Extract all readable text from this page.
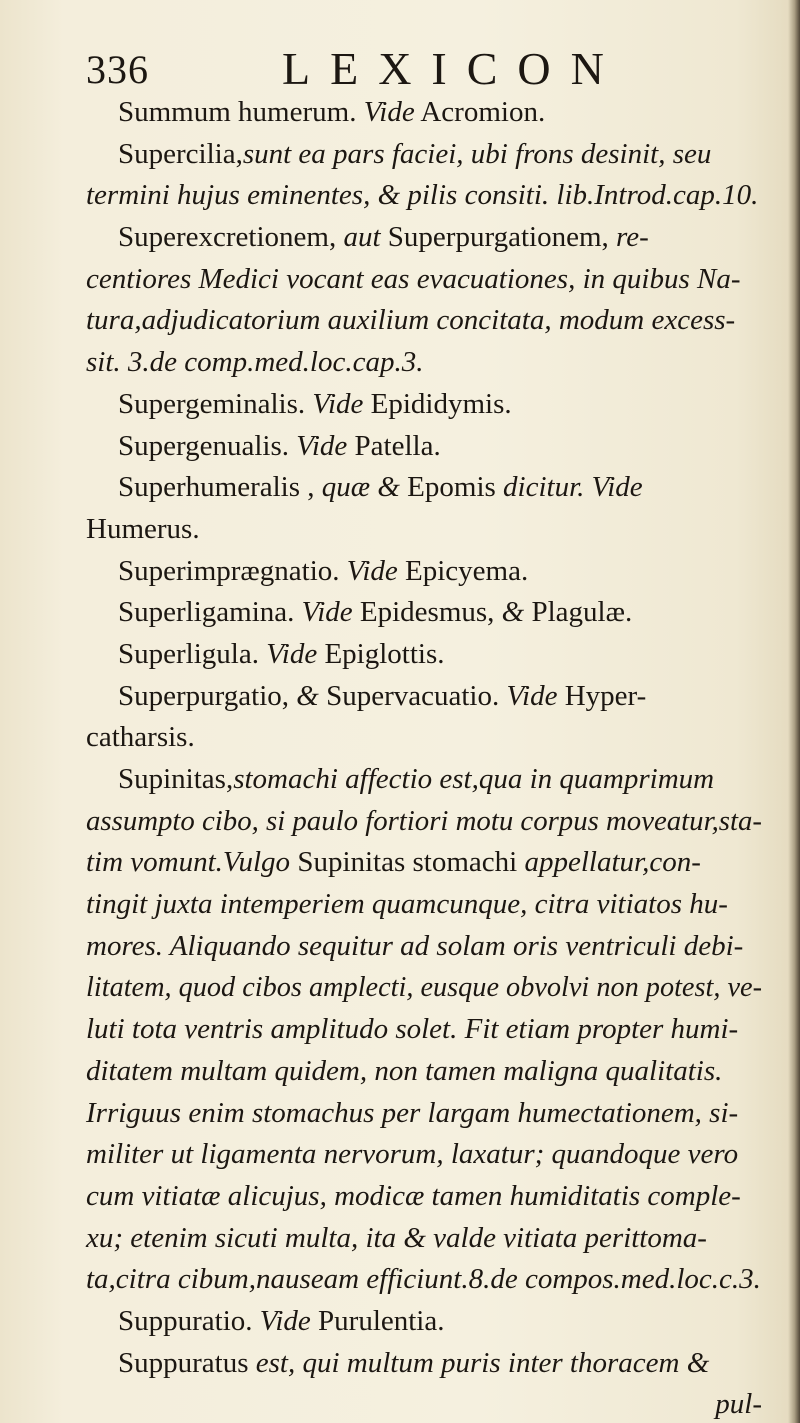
336	LEXICON
Summum humerum. Vide Acromion.
Supercilia,sunt ea pars faciei, ubi frons desinit, seu
termini hujus eminentes, & pilis consiti. lib.Introd.cap.10.
Superexcretionem, aut Superpurgationem, re-
centiores Medici vocant eas evacuationes, in quibus Na-
tura,adjudicatorium auxilium concitata, modum excess-
sit. 3.de comp.med.loc.cap.3.
Supergeminalis. Vide Epididymis.
Supergenualis. Vide Patella.
Superhumeralis , quæ & Epomis dicitur. Vide
Humerus.
Superimprægnatio. Vide Epicyema.
Superligamina. Vide Epidesmus, & Plagulæ.
Superligula. Vide Epiglottis.
Superpurgatio, & Supervacuatio. Vide Hyper-
catharsis.
Supinitas,stomachi affectio est,qua in quamprimum
assumpto cibo, si paulo fortiori motu corpus moveatur,sta-
tim vomunt.Vulgo Supinitas stomachi appellatur,con-
tingit juxta intemperiem quamcunque, citra vitiatos hu-
mores. Aliquando sequitur ad solam oris ventriculi debi-
litatem, quod cibos amplecti, eusque obvolvi non potest, ve-
luti tota ventris amplitudo solet. Fit etiam propter humi-
ditatem multam quidem, non tamen maligna qualitatis.
Irriguus enim stomachus per largam humectationem, si-
militer ut ligamenta nervorum, laxatur; quandoque vero
cum vitiatæ alicujus, modicæ tamen humiditatis comple-
xu; etenim sicuti multa, ita & valde vitiata perittoma-
ta,citra cibum,nauseam efficiunt.8.de compos.med.loc.c.3.
Suppuratio. Vide Purulentia.
Suppuratus est, qui multum puris inter thoracem &
pul-
